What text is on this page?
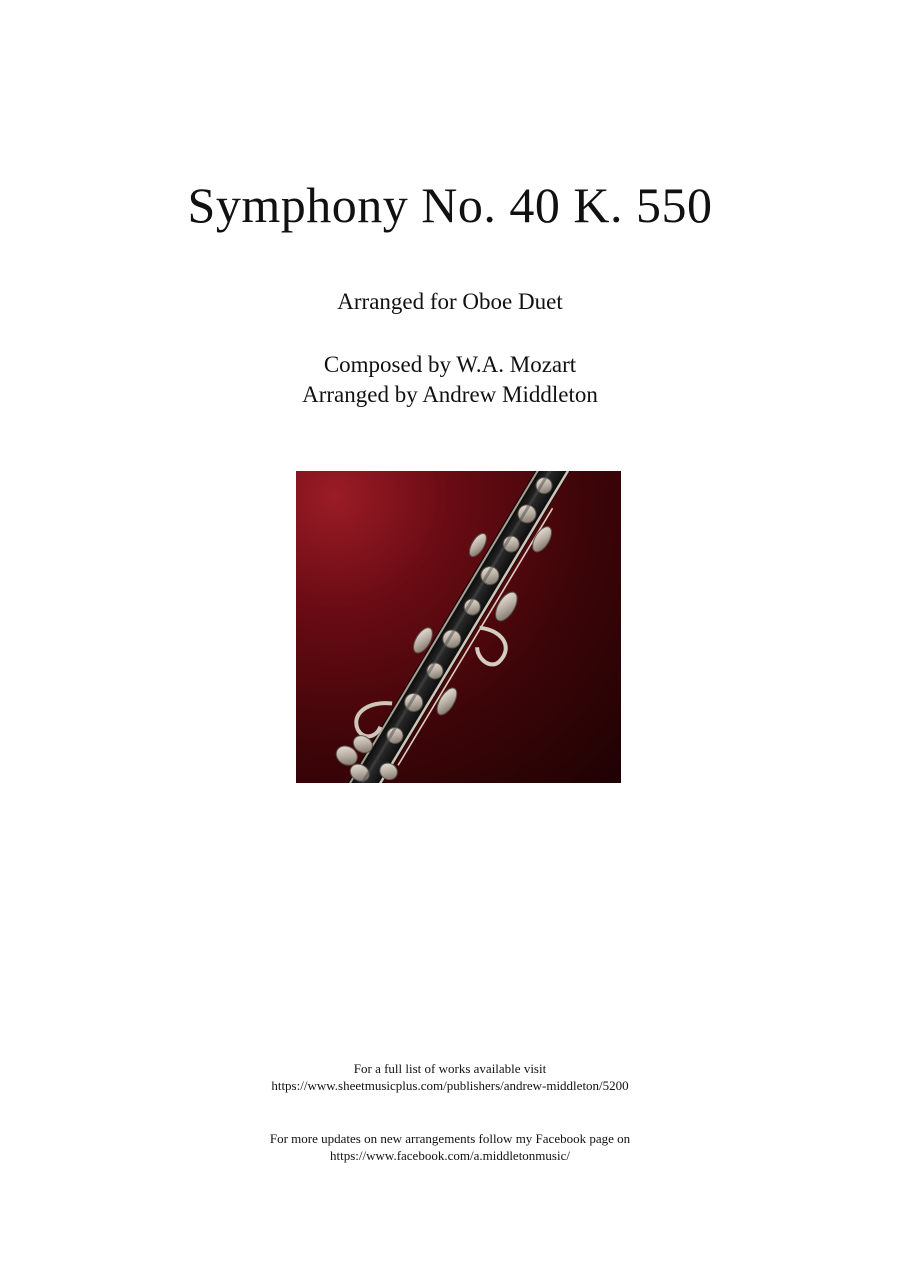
Symphony No. 40 K. 550
Arranged for Oboe Duet
Composed by W.A. Mozart
Arranged by Andrew Middleton
For a full list of works available visit
https://www.sheetmusicplus.com/publishers/andrew-middleton/5200
For more updates on new arrangements follow my Facebook page on
https://www.facebook.com/a.middletonmusic/
